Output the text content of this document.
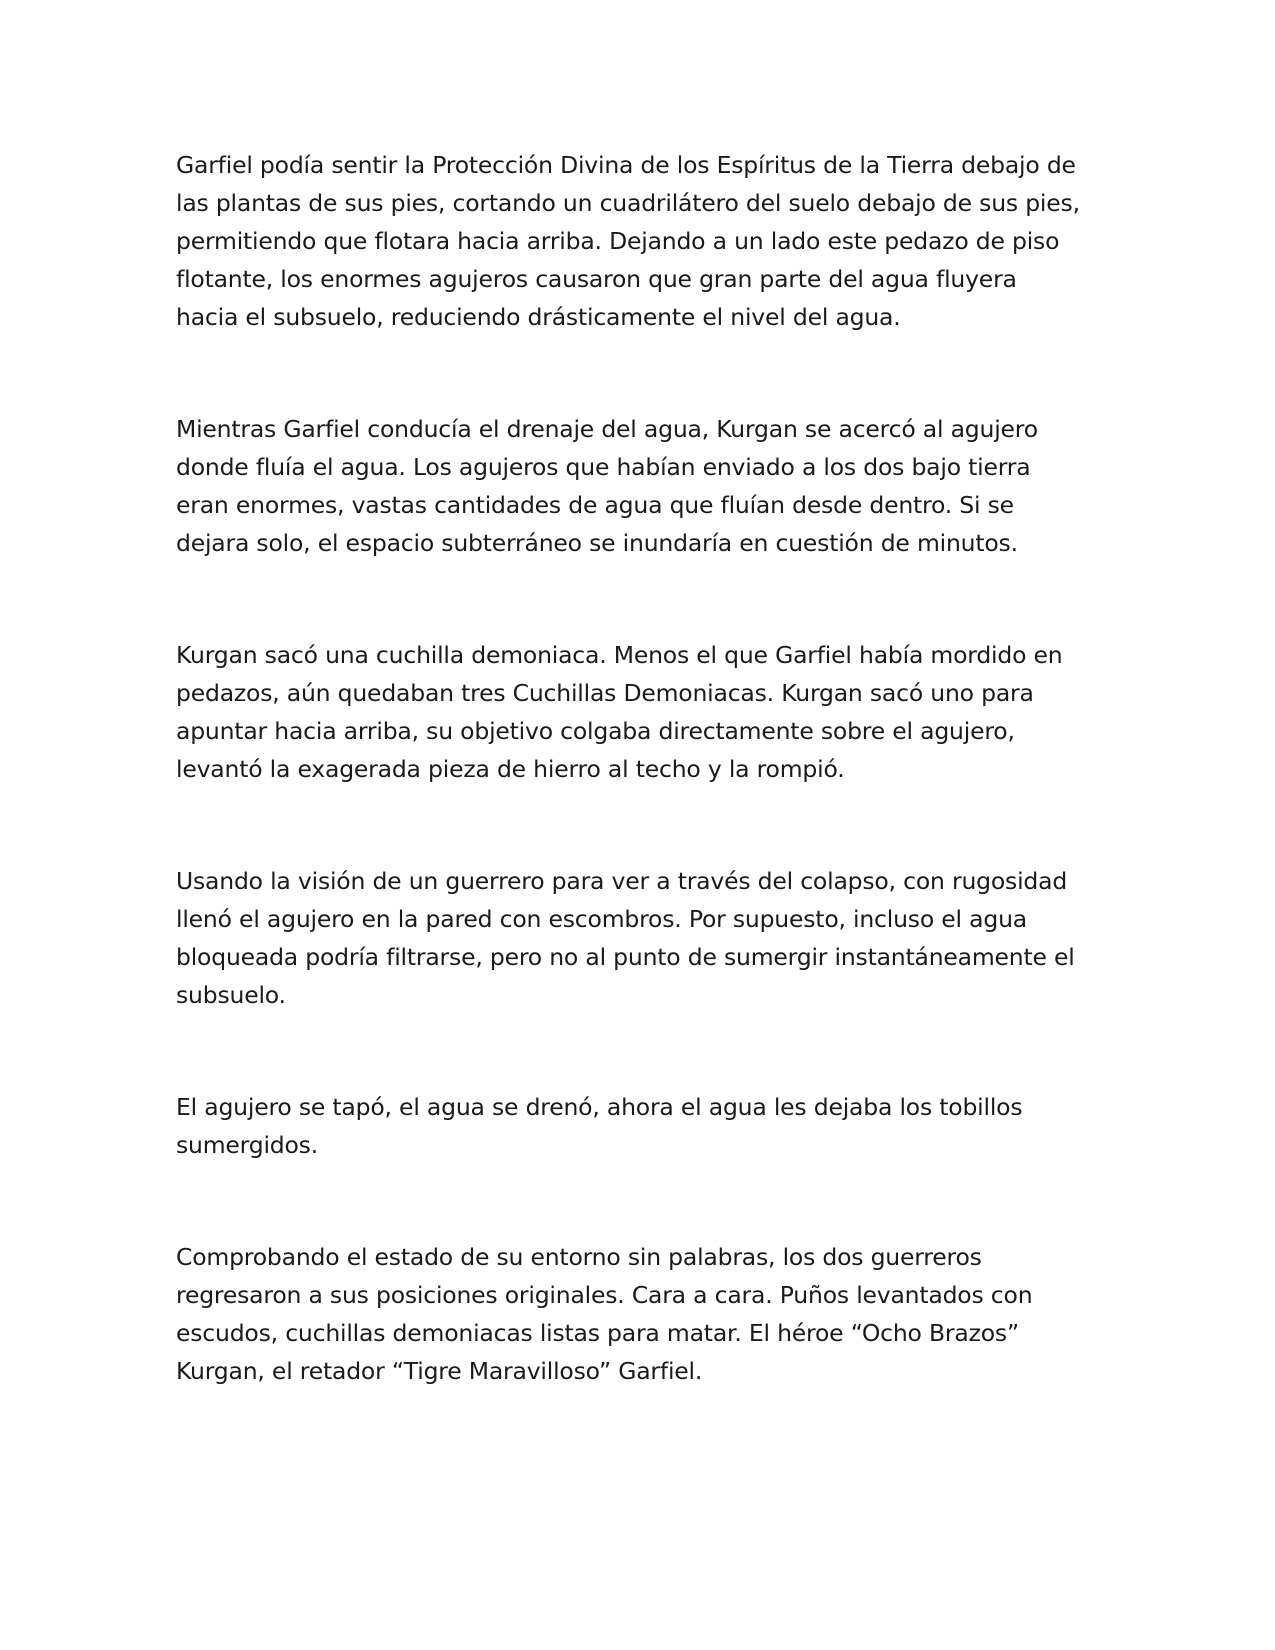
Garfiel podía sentir la Protección Divina de los Espíritus de la Tierra debajo de
las plantas de sus pies, cortando un cuadrilátero del suelo debajo de sus pies,
permitiendo que flotara hacia arriba. Dejando a un lado este pedazo de piso
flotante, los enormes agujeros causaron que gran parte del agua fluyera
hacia el subsuelo, reduciendo drásticamente el nivel del agua.

Mientras Garfiel conducía el drenaje del agua, Kurgan se acercó al agujero
donde fluía el agua. Los agujeros que habían enviado a los dos bajo tierra
eran enormes, vastas cantidades de agua que fluían desde dentro. Si se
dejara solo, el espacio subterráneo se inundaría en cuestión de minutos.

Kurgan sacó una cuchilla demoniaca. Menos el que Garfiel había mordido en
pedazos, aún quedaban tres Cuchillas Demoniacas. Kurgan sacó uno para
apuntar hacia arriba, su objetivo colgaba directamente sobre el agujero,
levantó la exagerada pieza de hierro al techo y la rompió.

Usando la visión de un guerrero para ver a través del colapso, con rugosidad
llenó el agujero en la pared con escombros. Por supuesto, incluso el agua
bloqueada podría filtrarse, pero no al punto de sumergir instantáneamente el
subsuelo.

El agujero se tapó, el agua se drenó, ahora el agua les dejaba los tobillos
sumergidos.

Comprobando el estado de su entorno sin palabras, los dos guerreros
regresaron a sus posiciones originales. Cara a cara. Puños levantados con
escudos, cuchillas demoniacas listas para matar. El héroe “Ocho Brazos”
Kurgan, el retador “Tigre Maravilloso” Garfiel.
